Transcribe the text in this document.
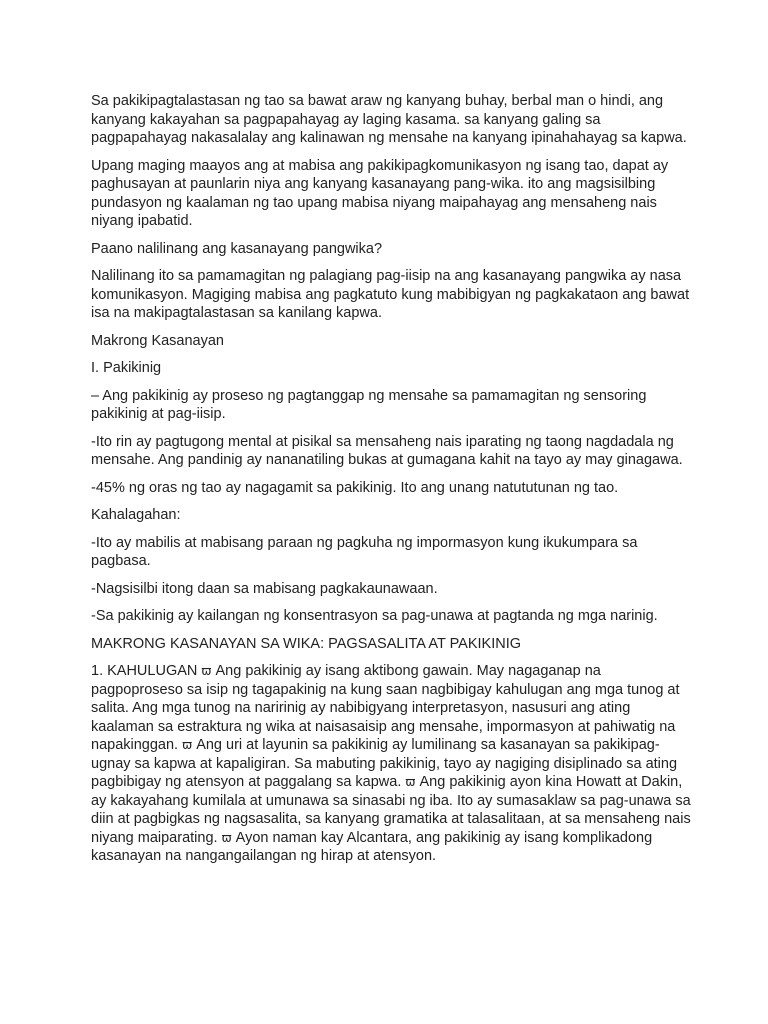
Sa pakikipagtalastasan ng tao sa bawat araw ng kanyang buhay, berbal man o hindi, ang kanyang kakayahan sa pagpapahayag ay laging kasama. sa kanyang galing sa pagpapahayag nakasalalay ang kalinawan ng mensahe na kanyang ipinahahayag sa kapwa.

Upang maging maayos ang at mabisa ang pakikipagkomunikasyon ng isang tao, dapat ay paghusayan at paunlarin niya ang kanyang kasanayang pang-wika. ito ang magsisilbing pundasyon ng kaalaman ng tao upang mabisa niyang maipahayag ang mensaheng nais niyang ipabatid.

Paano nalilinang ang kasanayang pangwika?

Nalilinang ito sa pamamagitan ng palagiang pag-iisip na ang kasanayang pangwika ay nasa komunikasyon. Magiging mabisa ang pagkatuto kung mabibigyan ng pagkakataon ang bawat isa na makipagtalastasan sa kanilang kapwa.

Makrong Kasanayan

I. Pakikinig

– Ang pakikinig ay proseso ng pagtanggap ng mensahe sa pamamagitan ng sensoring pakikinig at pag-iisip.

-Ito rin ay pagtugong mental at pisikal sa mensaheng nais iparating ng taong nagdadala ng mensahe. Ang pandinig ay nananatiling bukas at gumagana kahit na tayo ay may ginagawa.

-45% ng oras ng tao ay nagagamit sa pakikinig. Ito ang unang natututunan ng tao.

Kahalagahan:

-Ito ay mabilis at mabisang paraan ng pagkuha ng impormasyon kung ikukumpara sa pagbasa.

-Nagsisilbi itong daan sa mabisang pagkakaunawaan.

-Sa pakikinig ay kailangan ng konsentrasyon sa pag-unawa at pagtanda ng mga narinig.

MAKRONG KASANAYAN SA WIKA: PAGSASALITA AT PAKIKINIG

1. KAHULUGAN ϖ Ang pakikinig ay isang aktibong gawain. May nagaganap na pagpoproseso sa isip ng tagapakinig na kung saan nagbibigay kahulugan ang mga tunog at salita. Ang mga tunog na naririnig ay nabibigyang interpretasyon, nasusuri ang ating kaalaman sa estraktura ng wika at naisasaisip ang mensahe, impormasyon at pahiwatig na napakinggan. ϖ Ang uri at layunin sa pakikinig ay lumilinang sa kasanayan sa pakikipag-ugnay sa kapwa at kapaligiran. Sa mabuting pakikinig, tayo ay nagiging disiplinado sa ating pagbibigay ng atensyon at paggalang sa kapwa. ϖ Ang pakikinig ayon kina Howatt at Dakin, ay kakayahang kumilala at umunawa sa sinasabi ng iba. Ito ay sumasaklaw sa pag-unawa sa diin at pagbigkas ng nagsasalita, sa kanyang gramatika at talasalitaan, at sa mensaheng nais niyang maiparating. ϖ Ayon naman kay Alcantara, ang pakikinig ay isang komplikadong kasanayan na nangangailangan ng hirap at atensyon.
